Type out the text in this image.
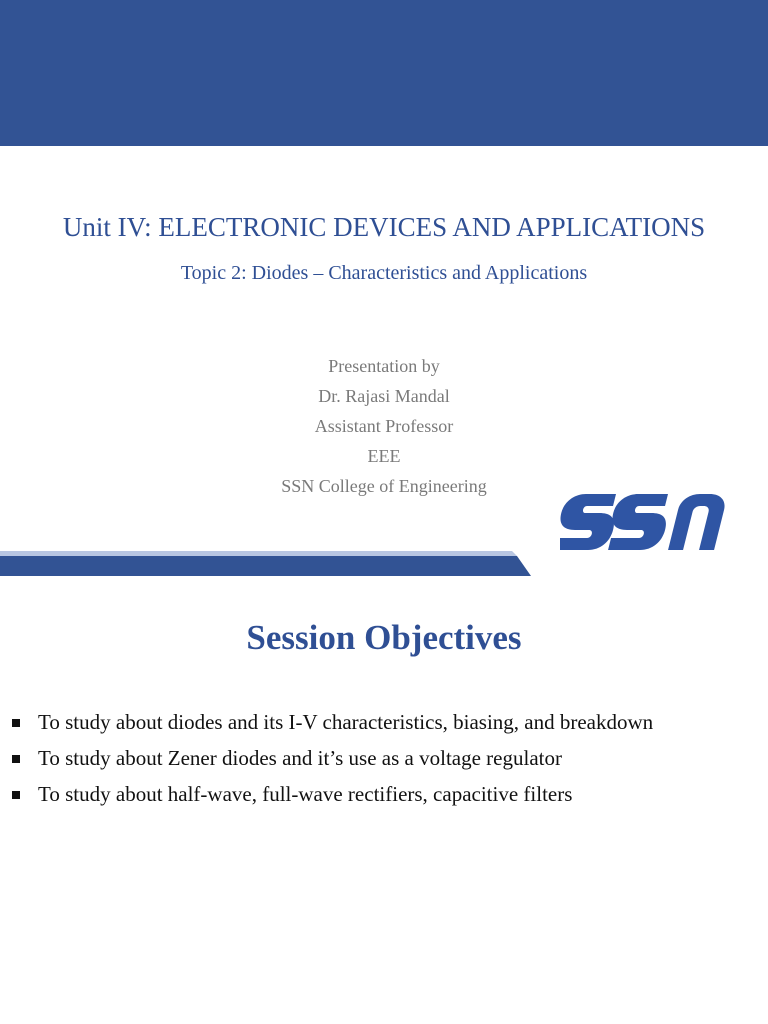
Unit IV: ELECTRONIC DEVICES AND APPLICATIONS
Topic 2: Diodes – Characteristics and Applications
Presentation by
Dr. Rajasi Mandal
Assistant Professor
EEE
SSN College of Engineering
Session Objectives
To study about diodes and its I-V characteristics, biasing, and breakdown
To study about Zener diodes and it’s use as a voltage regulator
To study about half-wave, full-wave rectifiers, capacitive filters
